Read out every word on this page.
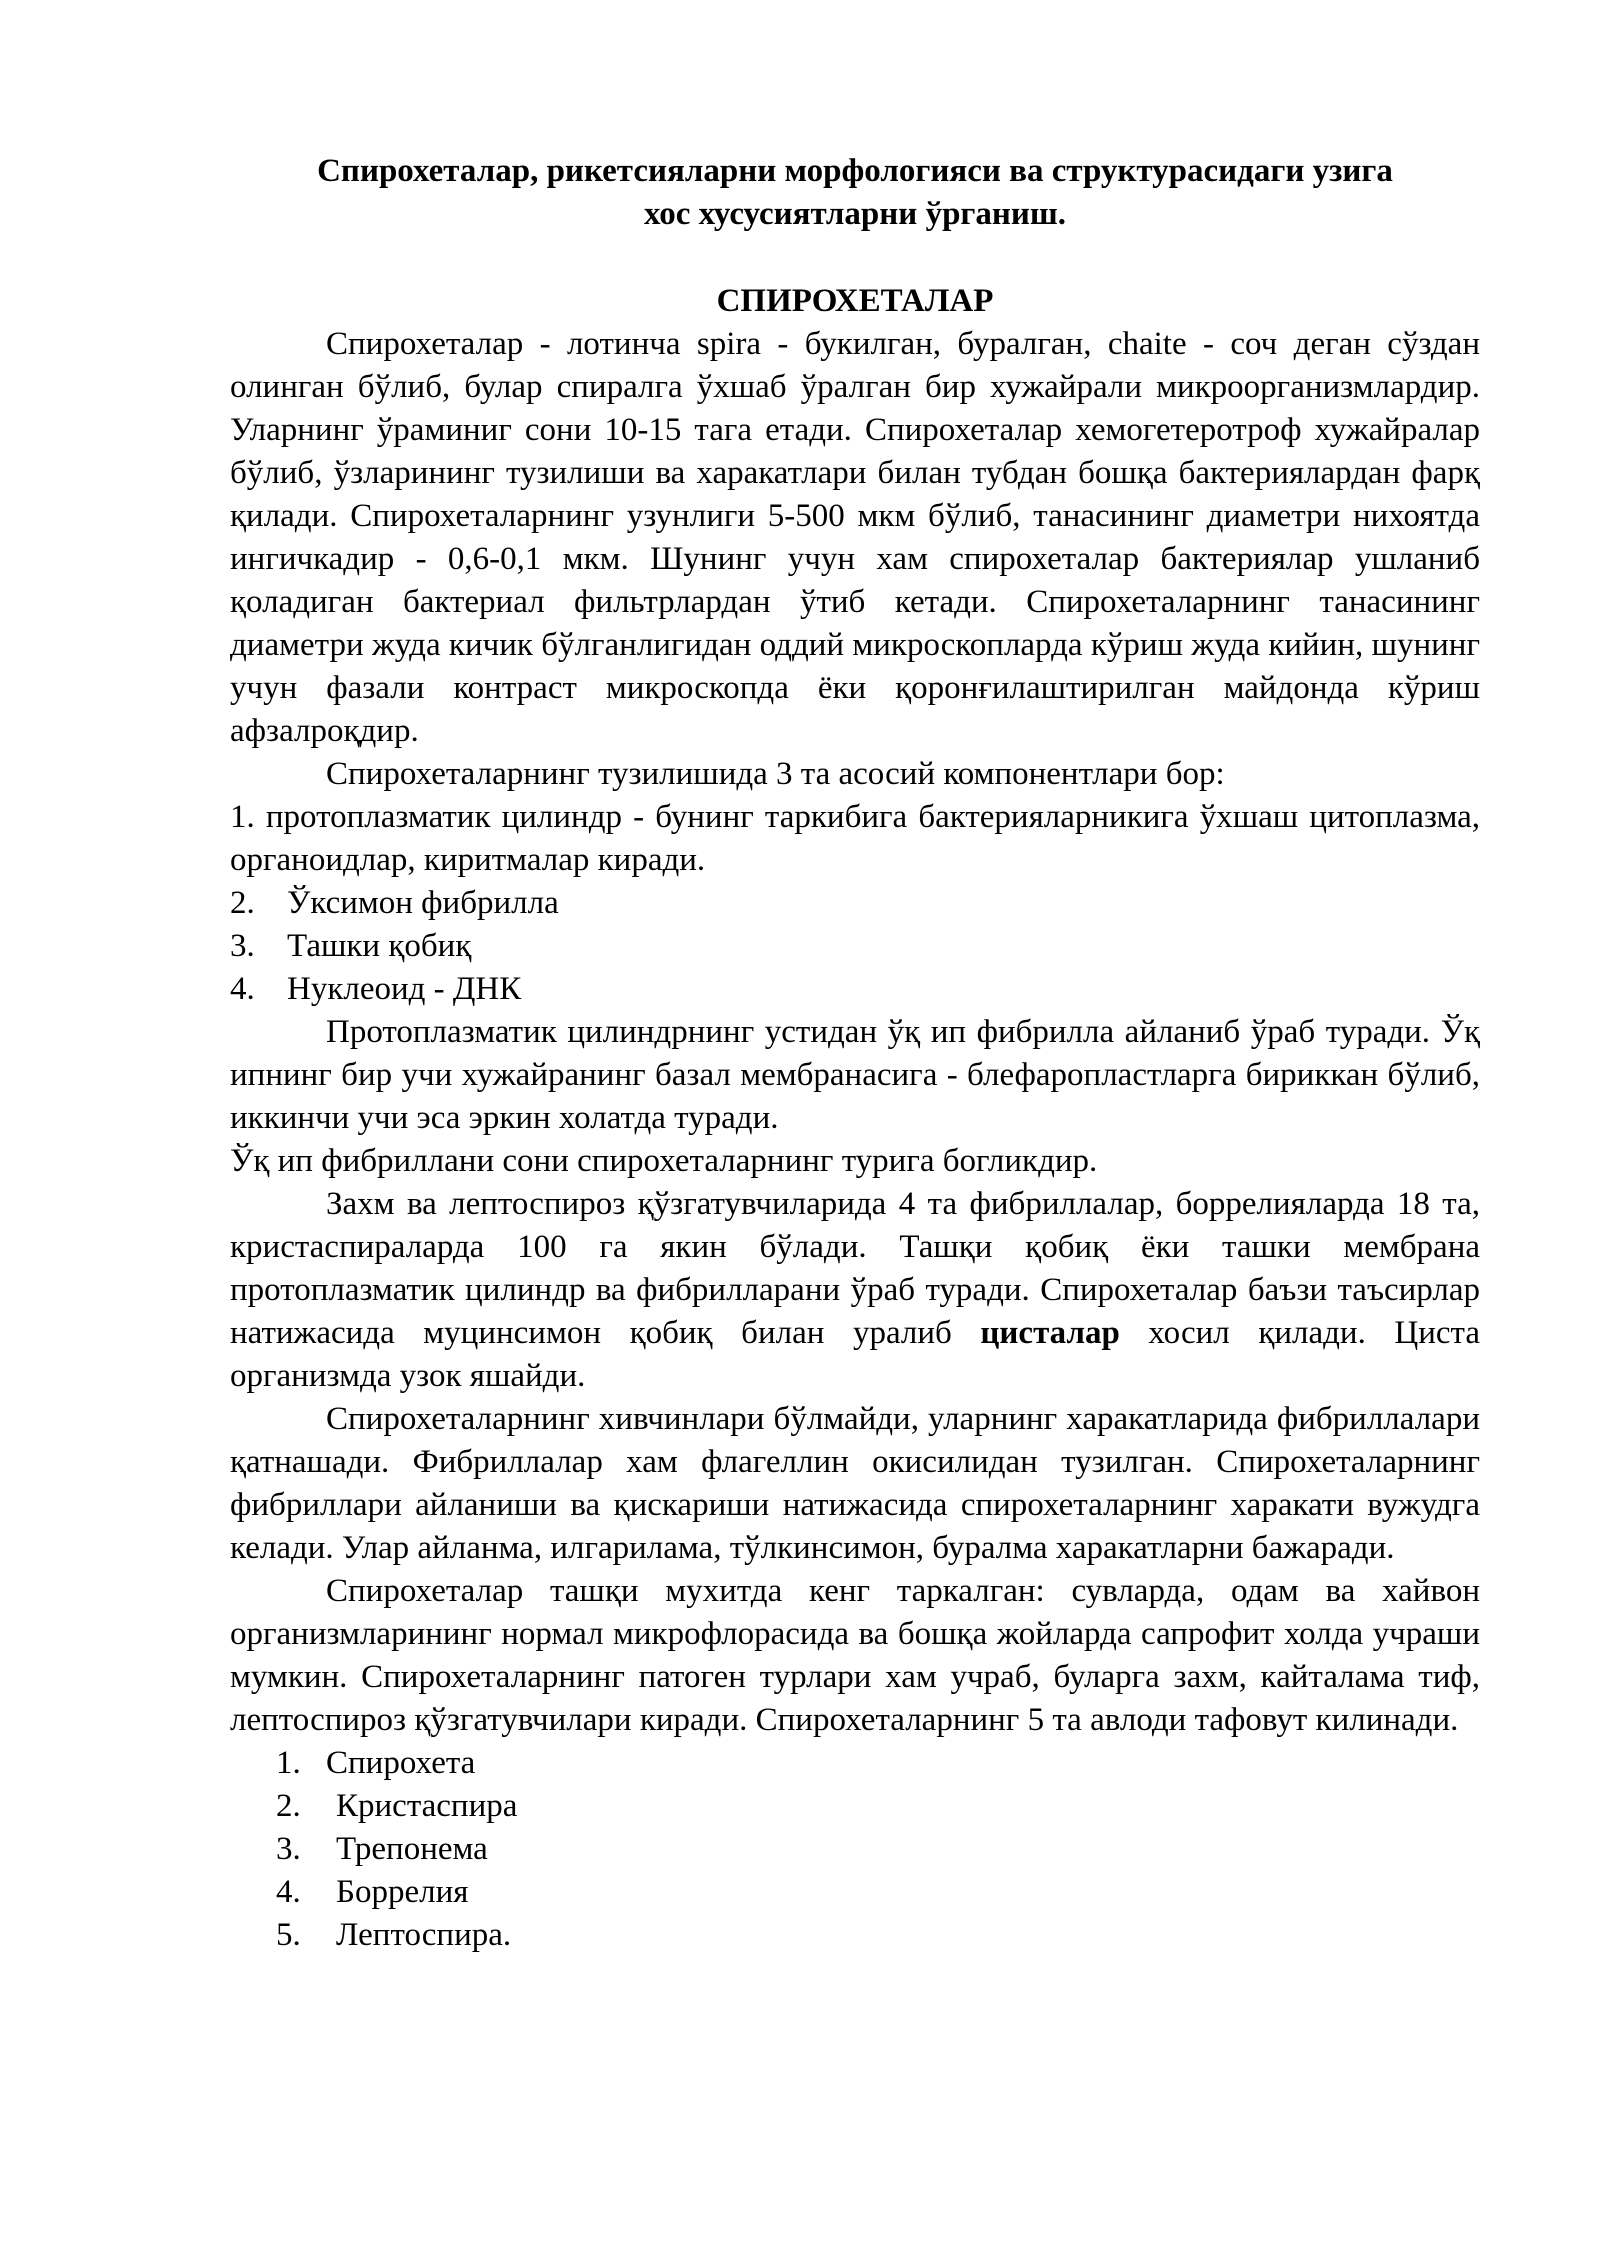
Спирохеталар, рикетсияларни морфологияси ва структурасидаги узига
хос хусусиятларни ўрганиш.

СПИРОХЕТАЛАР

Спирохеталар - лотинча spira - букилган, буралган, chaite - соч деган сўздан олинган бўлиб, булар спиралга ўхшаб ўралган бир хужайрали микроорганизмлардир. Уларнинг ўраминиг сони 10-15 тага етади. Спирохеталар хемогетеротроф хужайралар бўлиб, ўзларининг тузилиши ва харакатлари билан тубдан бошқа бактериялардан фарқ қилади. Спирохеталарнинг узунлиги 5-500 мкм бўлиб, танасининг диаметри нихоятда ингичкадир - 0,6-0,1 мкм. Шунинг учун хам спирохеталар бактериялар ушланиб қоладиган бактериал фильтрлардан ўтиб кетади. Спирохеталарнинг танасининг диаметри жуда кичик бўлганлигидан оддий микроскопларда кўриш жуда кийин, шунинг учун фазали контраст микроскопда ёки қоронғилаштирилган майдонда кўриш афзалроқдир.

Спирохеталарнинг тузилишида 3 та асосий компонентлари бор:

1. протоплазматик цилиндр - бунинг таркибига бактерияларникига ўхшаш цитоплазма, органоидлар, киритмалар киради.

2. Ўксимон фибрилла
3. Ташки қобиқ
4. Нуклеоид - ДНК

Протоплазматик цилиндрнинг устидан ўқ ип фибрилла айланиб ўраб туради. Ўқ ипнинг бир учи хужайранинг базал мембранасига - блефаропластларга бириккан бўлиб, иккинчи учи эса эркин холатда туради.

Ўқ ип фибриллани сони спирохеталарнинг турига богликдир.

Захм ва лептоспироз қўзгатувчиларида 4 та фибриллалар, боррелияларда 18 та, кристаспираларда 100 га якин бўлади. Ташқи қобиқ ёки ташки мембрана протоплазматик цилиндр ва фибрилларани ўраб туради. Спирохеталар баъзи таъсирлар натижасида муцинсимон қобиқ билан уралиб цисталар хосил қилади. Циста организмда узок яшайди.

Спирохеталарнинг хивчинлари бўлмайди, уларнинг харакатларида фибриллалари қатнашади. Фибриллалар хам флагеллин окисилидан тузилган. Спирохеталарнинг фибриллари айланиши ва қискариши натижасида спирохеталарнинг харакати вужудга келади. Улар айланма, илгарилама, тўлкинсимон, буралма харакатларни бажаради.

Спирохеталар ташқи мухитда кенг таркалган: сувларда, одам ва хайвон организмларининг нормал микрофлорасида ва бошқа жойларда сапрофит холда учраши мумкин. Спирохеталарнинг патоген турлари хам учраб, буларга захм, кайталама тиф, лептоспироз қўзгатувчилари киради. Спирохеталарнинг 5 та авлоди тафовут килинади.

1. Спирохета
2.	Кристаспира
3.	Трепонема
4.	Боррелия
5.	Лептоспира.
